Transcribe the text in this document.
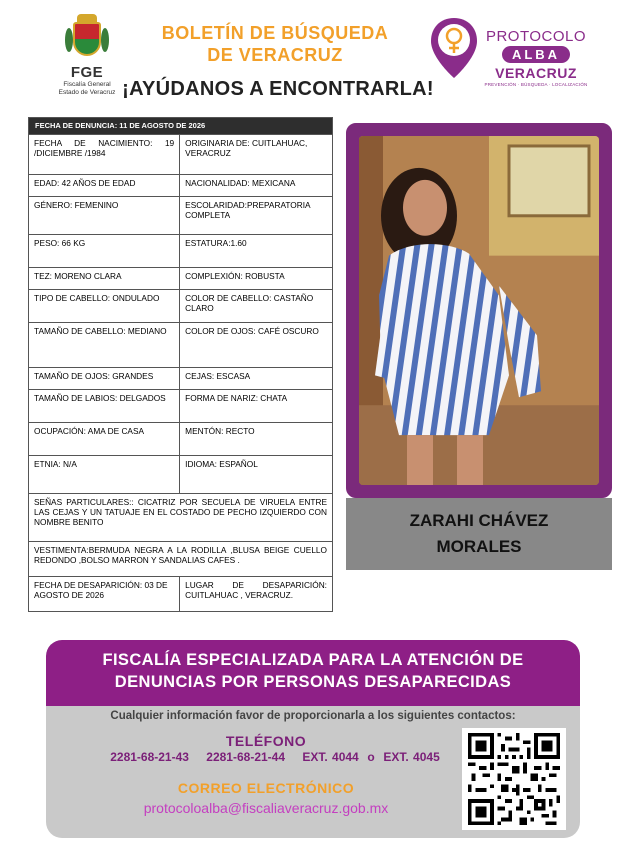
FGE
Fiscalía General
Estado de Veracruz
BOLETÍN DE BÚSQUEDA
DE VERACRUZ
¡AYÚDANOS A ENCONTRARLA!
PROTOCOLO
ALBA
VERACRUZ
PREVENCIÓN · BÚSQUEDA · LOCALIZACIÓN
FECHA DE DENUNCIA: 11 DE AGOSTO DE 2026	
FECHA DE NACIMIENTO: 19 /DICIEMBRE /1984	ORIGINARIA DE: CUITLAHUAC, VERACRUZ
EDAD: 42 AÑOS DE EDAD	NACIONALIDAD: MEXICANA
GÉNERO: FEMENINO	ESCOLARIDAD:PREPARATORIA COMPLETA
PESO: 66 KG	ESTATURA:1.60
TEZ: MORENO CLARA	COMPLEXIÓN: ROBUSTA
TIPO DE CABELLO: ONDULADO	COLOR DE CABELLO: CASTAÑO CLARO
TAMAÑO DE CABELLO: MEDIANO	COLOR DE OJOS: CAFÉ OSCURO
TAMAÑO DE OJOS: GRANDES	CEJAS: ESCASA
TAMAÑO DE LABIOS: DELGADOS	FORMA DE NARIZ: CHATA
OCUPACIÓN: AMA DE CASA	MENTÓN: RECTO
ETNIA: N/A	IDIOMA: ESPAÑOL
SEÑAS PARTICULARES:: CICATRIZ POR SECUELA DE VIRUELA ENTRE LAS CEJAS Y UN TATUAJE EN EL COSTADO DE PECHO IZQUIERDO CON NOMBRE BENITO	
VESTIMENTA:BERMUDA NEGRA A LA RODILLA ,BLUSA BEIGE CUELLO REDONDO ,BOLSO MARRON Y SANDALIAS CAFES .	
FECHA DE DESAPARICIÓN: 03 DE AGOSTO DE 2026	LUGAR DE DESAPARICIÓN: CUITLAHUAC , VERACRUZ.
ZARAHI CHÁVEZ
MORALES
FISCALÍA ESPECIALIZADA PARA LA ATENCIÓN DE
DENUNCIAS POR PERSONAS DESAPARECIDAS
Cualquier información favor de proporcionarla a los siguientes contactos:
TELÉFONO
2281-68-21-43    2281-68-21-44    EXT. 4044  o  EXT. 4045
CORREO ELECTRÓNICO
protocoloalba@fiscaliaveracruz.gob.mx
